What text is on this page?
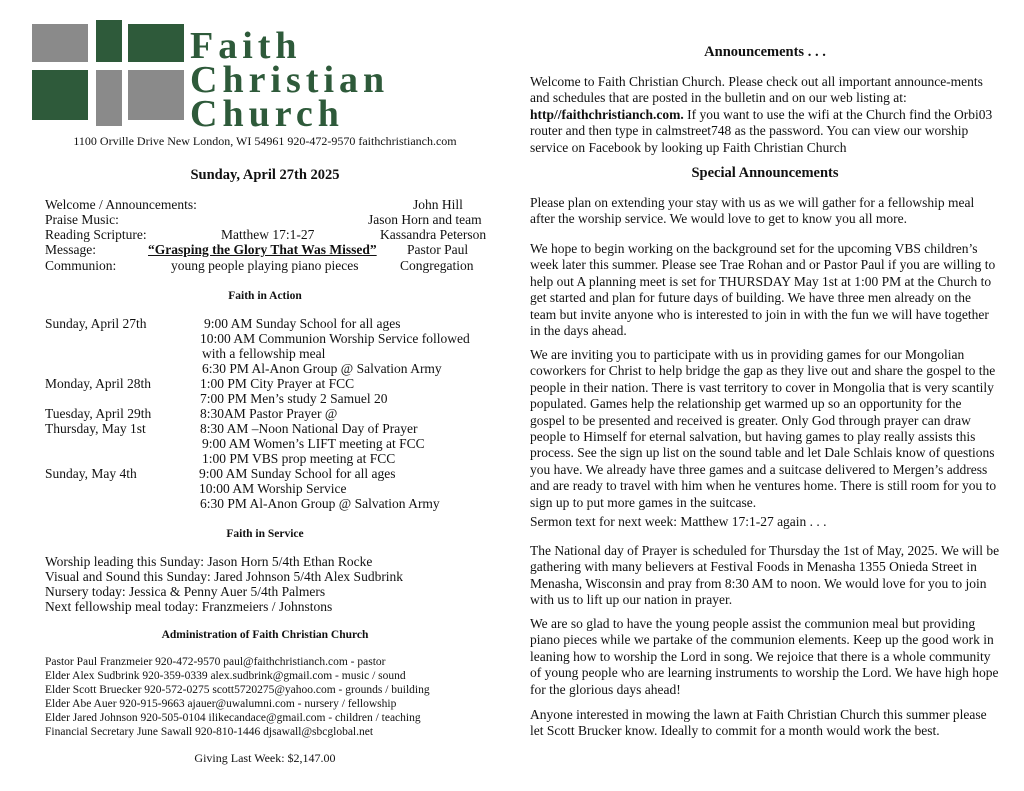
Faith
Christian
Church
1100 Orville Drive New London, WI 54961 920-472-9570 faithchristianch.com
Sunday, April 27th 2025
Welcome / Announcements:	John Hill
Praise Music:	Jason Horn and team
Reading Scripture:	Matthew 17:1-27	Kassandra Peterson
Message:	“Grasping the Glory That Was Missed” Pastor Paul
Communion:	young people playing piano pieces	Congregation
Faith in Action
Sunday, April 27th	9:00 AM Sunday School for all ages
10:00 AM Communion Worship Service followed
with a fellowship meal
6:30 PM Al-Anon Group @ Salvation Army
Monday, April 28th	1:00 PM City Prayer at FCC
7:00 PM Men’s study 2 Samuel 20
Tuesday, April 29th	8:30AM Pastor Prayer @
Thursday, May 1st	8:30 AM –Noon National Day of Prayer
9:00 AM Women’s LIFT meeting at FCC
1:00 PM VBS prop meeting at FCC
Sunday, May 4th	9:00 AM Sunday School for all ages
10:00 AM Worship Service
6:30 PM Al-Anon Group @ Salvation Army
Faith in Service
Worship leading this Sunday: Jason Horn 5/4th Ethan Rocke
Visual and Sound this Sunday: Jared Johnson 5/4th Alex Sudbrink
Nursery today: Jessica & Penny Auer 5/4th Palmers
Next fellowship meal today: Franzmeiers / Johnstons
Administration of Faith Christian Church
Pastor Paul Franzmeier 920-472-9570 paul@faithchristianch.com - pastor
Elder Alex Sudbrink 920-359-0339 alex.sudbrink@gmail.com - music / sound
Elder Scott Bruecker 920-572-0275 scott5720275@yahoo.com - grounds / building
Elder Abe Auer 920-915-9663 ajauer@uwalumni.com - nursery / fellowship
Elder Jared Johnson 920-505-0104 ilikecandace@gmail.com - children / teaching
Financial Secretary June Sawall 920-810-1446 djsawall@sbcglobal.net
Giving Last Week: $2,147.00
Announcements . . .

Welcome to Faith Christian Church. Please check out all important announce-ments and schedules that are posted in the bulletin and on our web listing at: http//faithchristianch.com. If you want to use the wifi at the Church find the Orbi03 router and then type in calmstreet748 as the password. You can view our worship service on Facebook by looking up Faith Christian Church

Special Announcements
Please plan on extending your stay with us as we will gather for a fellowship meal after the worship service. We would love to get to know you all more.
We hope to begin working on the background set for the upcoming VBS children’s week later this summer. Please see Trae Rohan and or Pastor Paul if you are willing to help out A planning meet is set for THURSDAY May 1st at 1:00 PM at the Church to get started and plan for future days of building. We have three men already on the team but invite anyone who is interested to join in with the fun we will have together in the days ahead.
We are inviting you to participate with us in providing games for our Mongolian coworkers for Christ to help bridge the gap as they live out and share the gospel to the people in their nation. There is vast territory to cover in Mongolia that is very scantily populated. Games help the relationship get warmed up so an opportunity for the gospel to be presented and received is greater. Only God through prayer can draw people to Himself for eternal salvation, but having games to play really assists this process. See the sign up list on the sound table and let Dale Schlais know of questions you have. We already have three games and a suitcase delivered to Mergen’s address and are ready to travel with him when he ventures home. There is still room for you to sign up to put more games in the suitcase.
Sermon text for next week: Matthew 17:1-27 again . . .
The National day of Prayer is scheduled for Thursday the 1st of May, 2025. We will be gathering with many believers at Festival Foods in Menasha 1355 Onieda Street in Menasha, Wisconsin and pray from 8:30 AM to noon. We would love for you to join with us to lift up our nation in prayer.
We are so glad to have the young people assist the communion meal but providing piano pieces while we partake of the communion elements. Keep up the good work in leaning how to worship the Lord in song. We rejoice that there is a whole community of young people who are learning instruments to worship the Lord. We have high hope for the glorious days ahead!
Anyone interested in mowing the lawn at Faith Christian Church this summer please let Scott Brucker know. Ideally to commit for a month would work the best.
